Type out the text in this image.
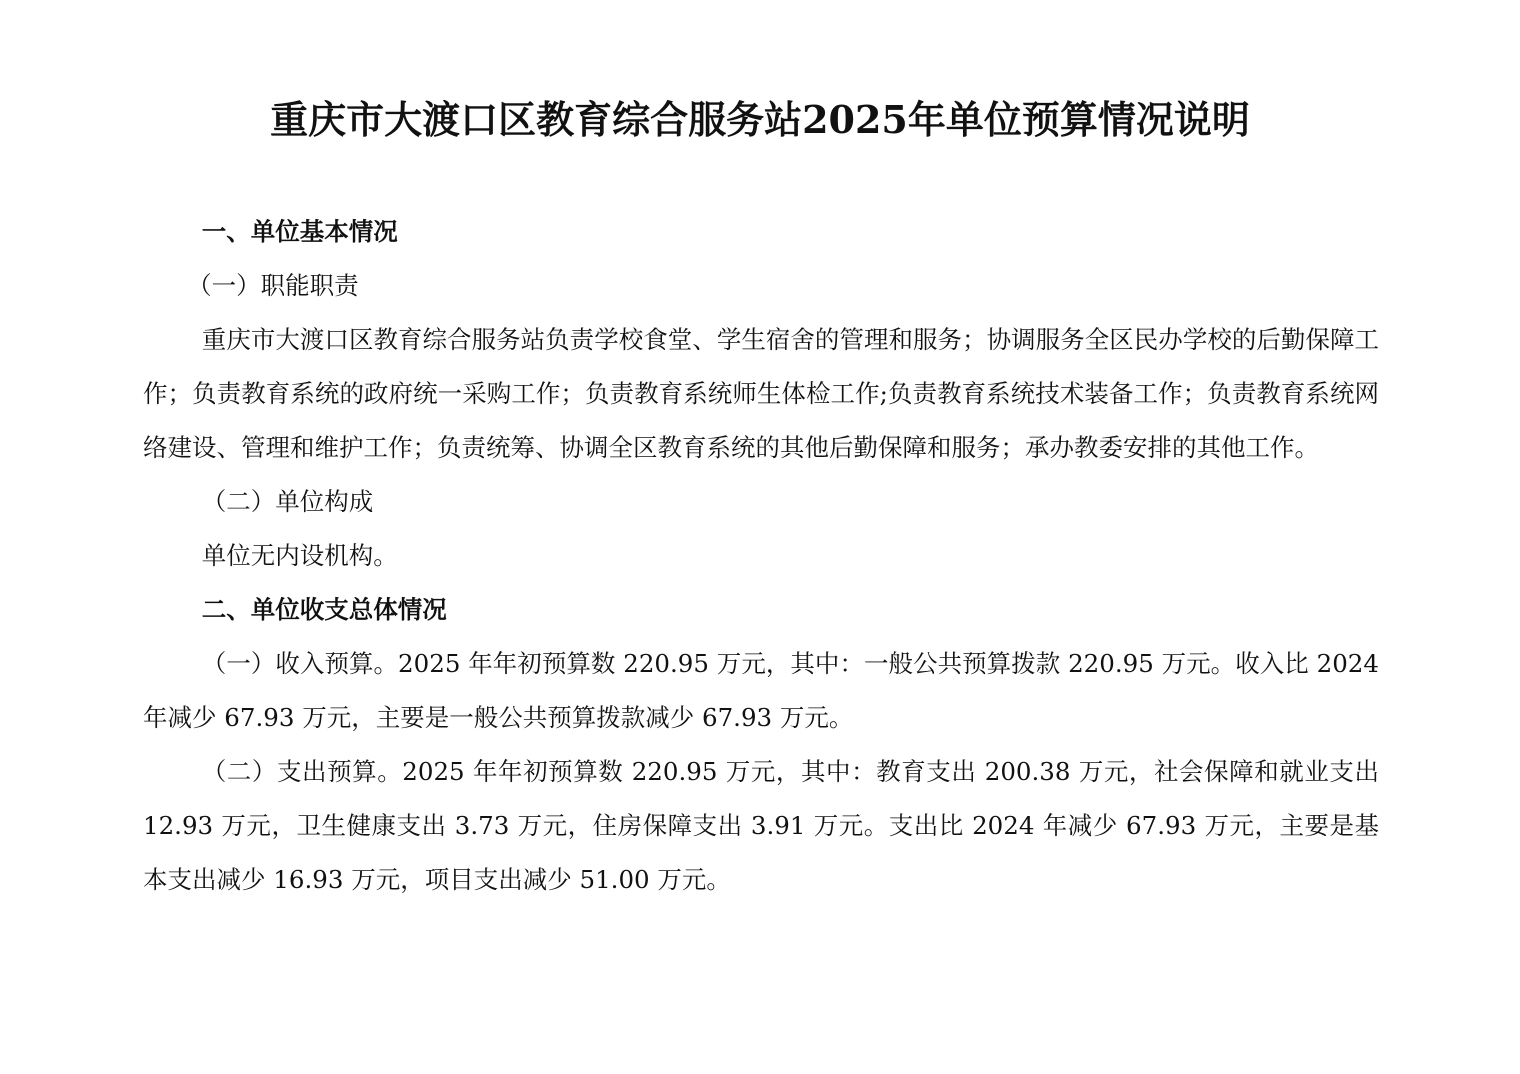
重庆市大渡口区教育综合服务站2025年单位预算情况说明

一、单位基本情况

（一）职能职责

重庆市大渡口区教育综合服务站负责学校食堂、学生宿舍的管理和服务；协调服务全区民办学校的后勤保障工作；负责教育系统的政府统一采购工作；负责教育系统师生体检工作;负责教育系统技术装备工作；负责教育系统网络建设、管理和维护工作；负责统筹、协调全区教育系统的其他后勤保障和服务；承办教委安排的其他工作。

（二）单位构成

单位无内设机构。

二、单位收支总体情况

（一）收入预算。2025 年年初预算数 220.95 万元，其中：一般公共预算拨款 220.95 万元。收入比 2024 年减少 67.93 万元，主要是一般公共预算拨款减少 67.93 万元。

（二）支出预算。2025 年年初预算数 220.95 万元，其中：教育支出 200.38 万元，社会保障和就业支出 12.93 万元，卫生健康支出 3.73 万元，住房保障支出 3.91 万元。支出比 2024 年减少 67.93 万元，主要是基本支出减少 16.93 万元，项目支出减少 51.00 万元。
